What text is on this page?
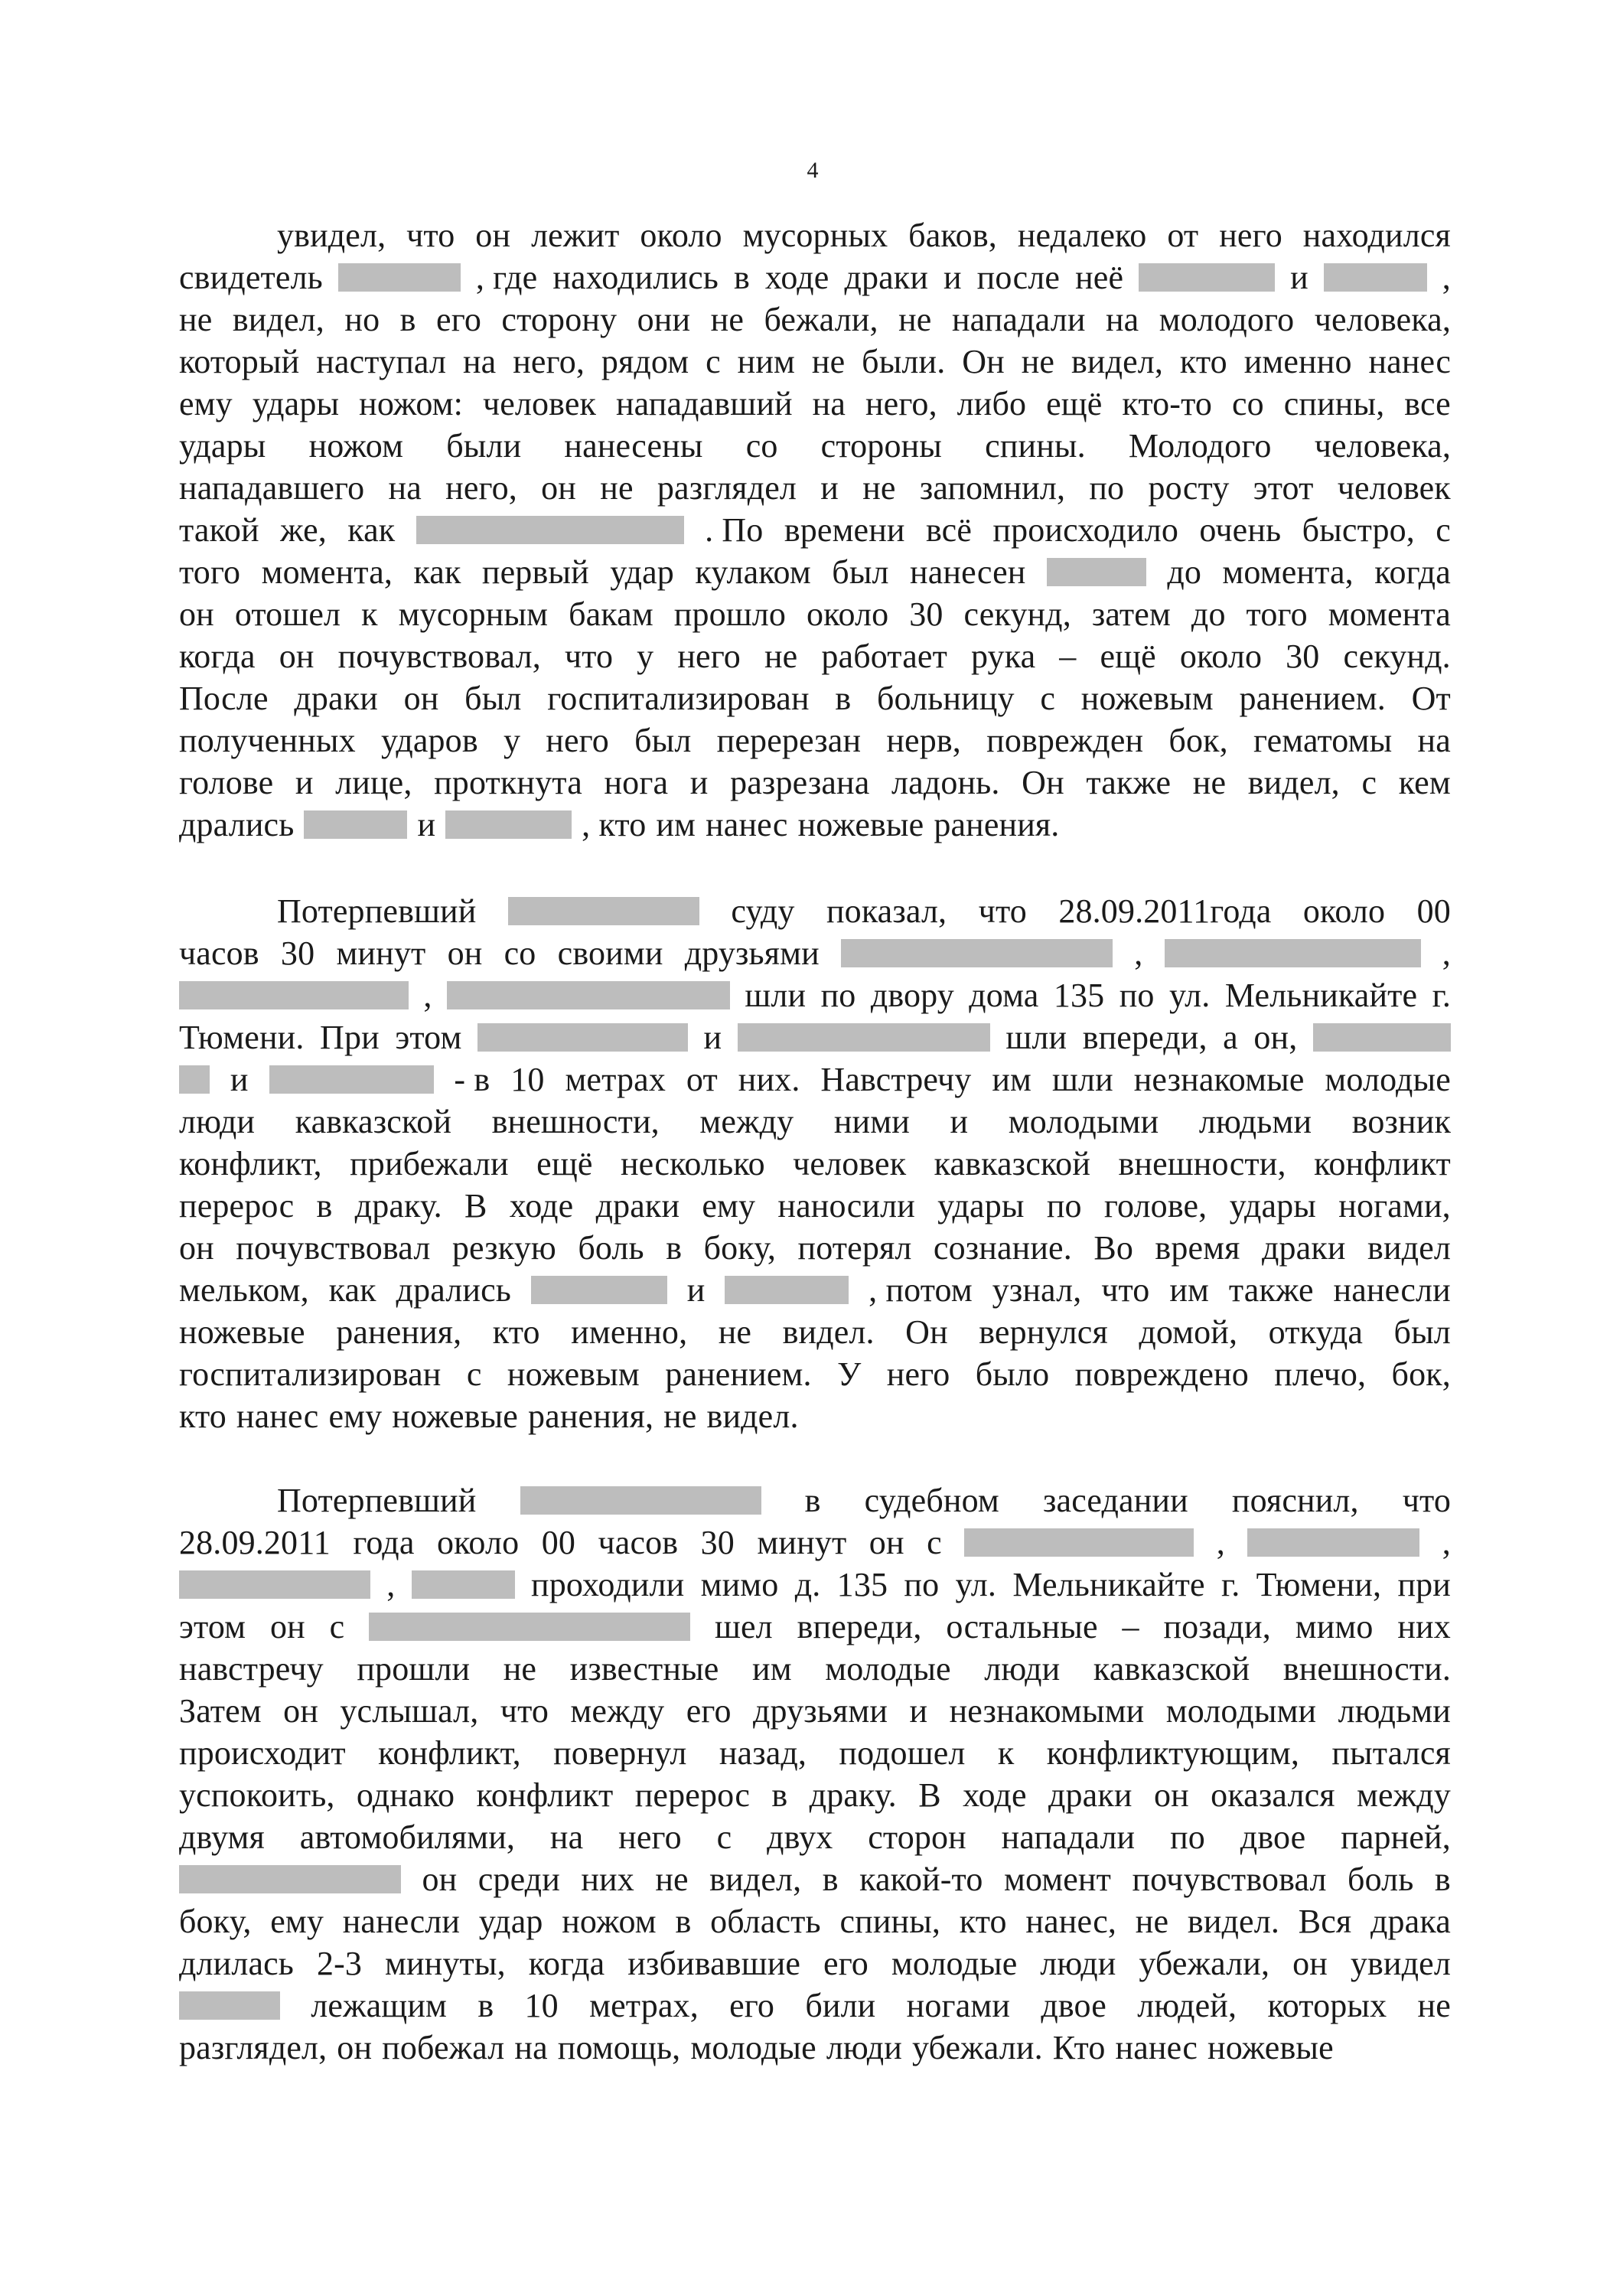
4
увидел, что он лежит около мусорных баков, недалеко от него находился
свидетель	, где находились в ходе драки и после неё	и	,
не видел, но в его сторону они не бежали, не нападали на молодого человека,
который наступал на него, рядом с ним не были. Он не видел, кто именно нанес
ему удары ножом: человек нападавший на него, либо ещё кто-то со спины, все
удары ножом были нанесены со стороны спины. Молодого человека,
нападавшего на него, он не разглядел и не запомнил, по росту этот человек
такой же, как	. По времени всё происходило очень быстро, с
того момента, как первый удар кулаком был нанесен	до момента, когда
он отошел к мусорным бакам прошло около 30 секунд, затем до того момента
когда он почувствовал, что у него не работает рука – ещё около 30 секунд.
После драки он был госпитализирован в больницу с ножевым ранением. От
полученных ударов у него был перерезан нерв, поврежден бок, гематомы на
голове и лице, проткнута нога и разрезана ладонь. Он также не видел, с кем
дрались	и	, кто им нанес ножевые ранения.
Потерпевший	суду показал, что 28.09.2011года около 00
часов 30 минут он со своими друзьями	,	,
,	шли по двору дома 135 по ул. Мельникайте г.
Тюмени. При этом	и	шли впереди, а он,
и	- в 10 метрах от них. Навстречу им шли незнакомые молодые
люди кавказской внешности, между ними и молодыми людьми возник
конфликт, прибежали ещё несколько человек кавказской внешности, конфликт
перерос в драку. В ходе драки ему наносили удары по голове, удары ногами,
он почувствовал резкую боль в боку, потерял сознание. Во время драки видел
мельком, как дрались	и	, потом узнал, что им также нанесли
ножевые ранения, кто именно, не видел. Он вернулся домой, откуда был
госпитализирован с ножевым ранением. У него было повреждено плечо, бок,
кто нанес ему ножевые ранения, не видел.
Потерпевший	в судебном заседании пояснил, что
28.09.2011 года около 00 часов 30 минут он с	,	,
,	проходили мимо д. 135 по ул. Мельникайте г. Тюмени, при
этом он с	шел впереди, остальные – позади, мимо них
навстречу прошли не известные им молодые люди кавказской внешности.
Затем он услышал, что между его друзьями и незнакомыми молодыми людьми
происходит конфликт, повернул назад, подошел к конфликтующим, пытался
успокоить, однако конфликт перерос в драку. В ходе драки он оказался между
двумя автомобилями, на него с двух сторон нападали по двое парней,
он среди них не видел, в какой-то момент почувствовал боль в
боку, ему нанесли удар ножом в область спины, кто нанес, не видел. Вся драка
длилась 2-3 минуты, когда избивавшие его молодые люди убежали, он увидел
лежащим в 10 метрах, его били ногами двое людей, которых не
разглядел, он побежал на помощь, молодые люди убежали. Кто нанес ножевые
